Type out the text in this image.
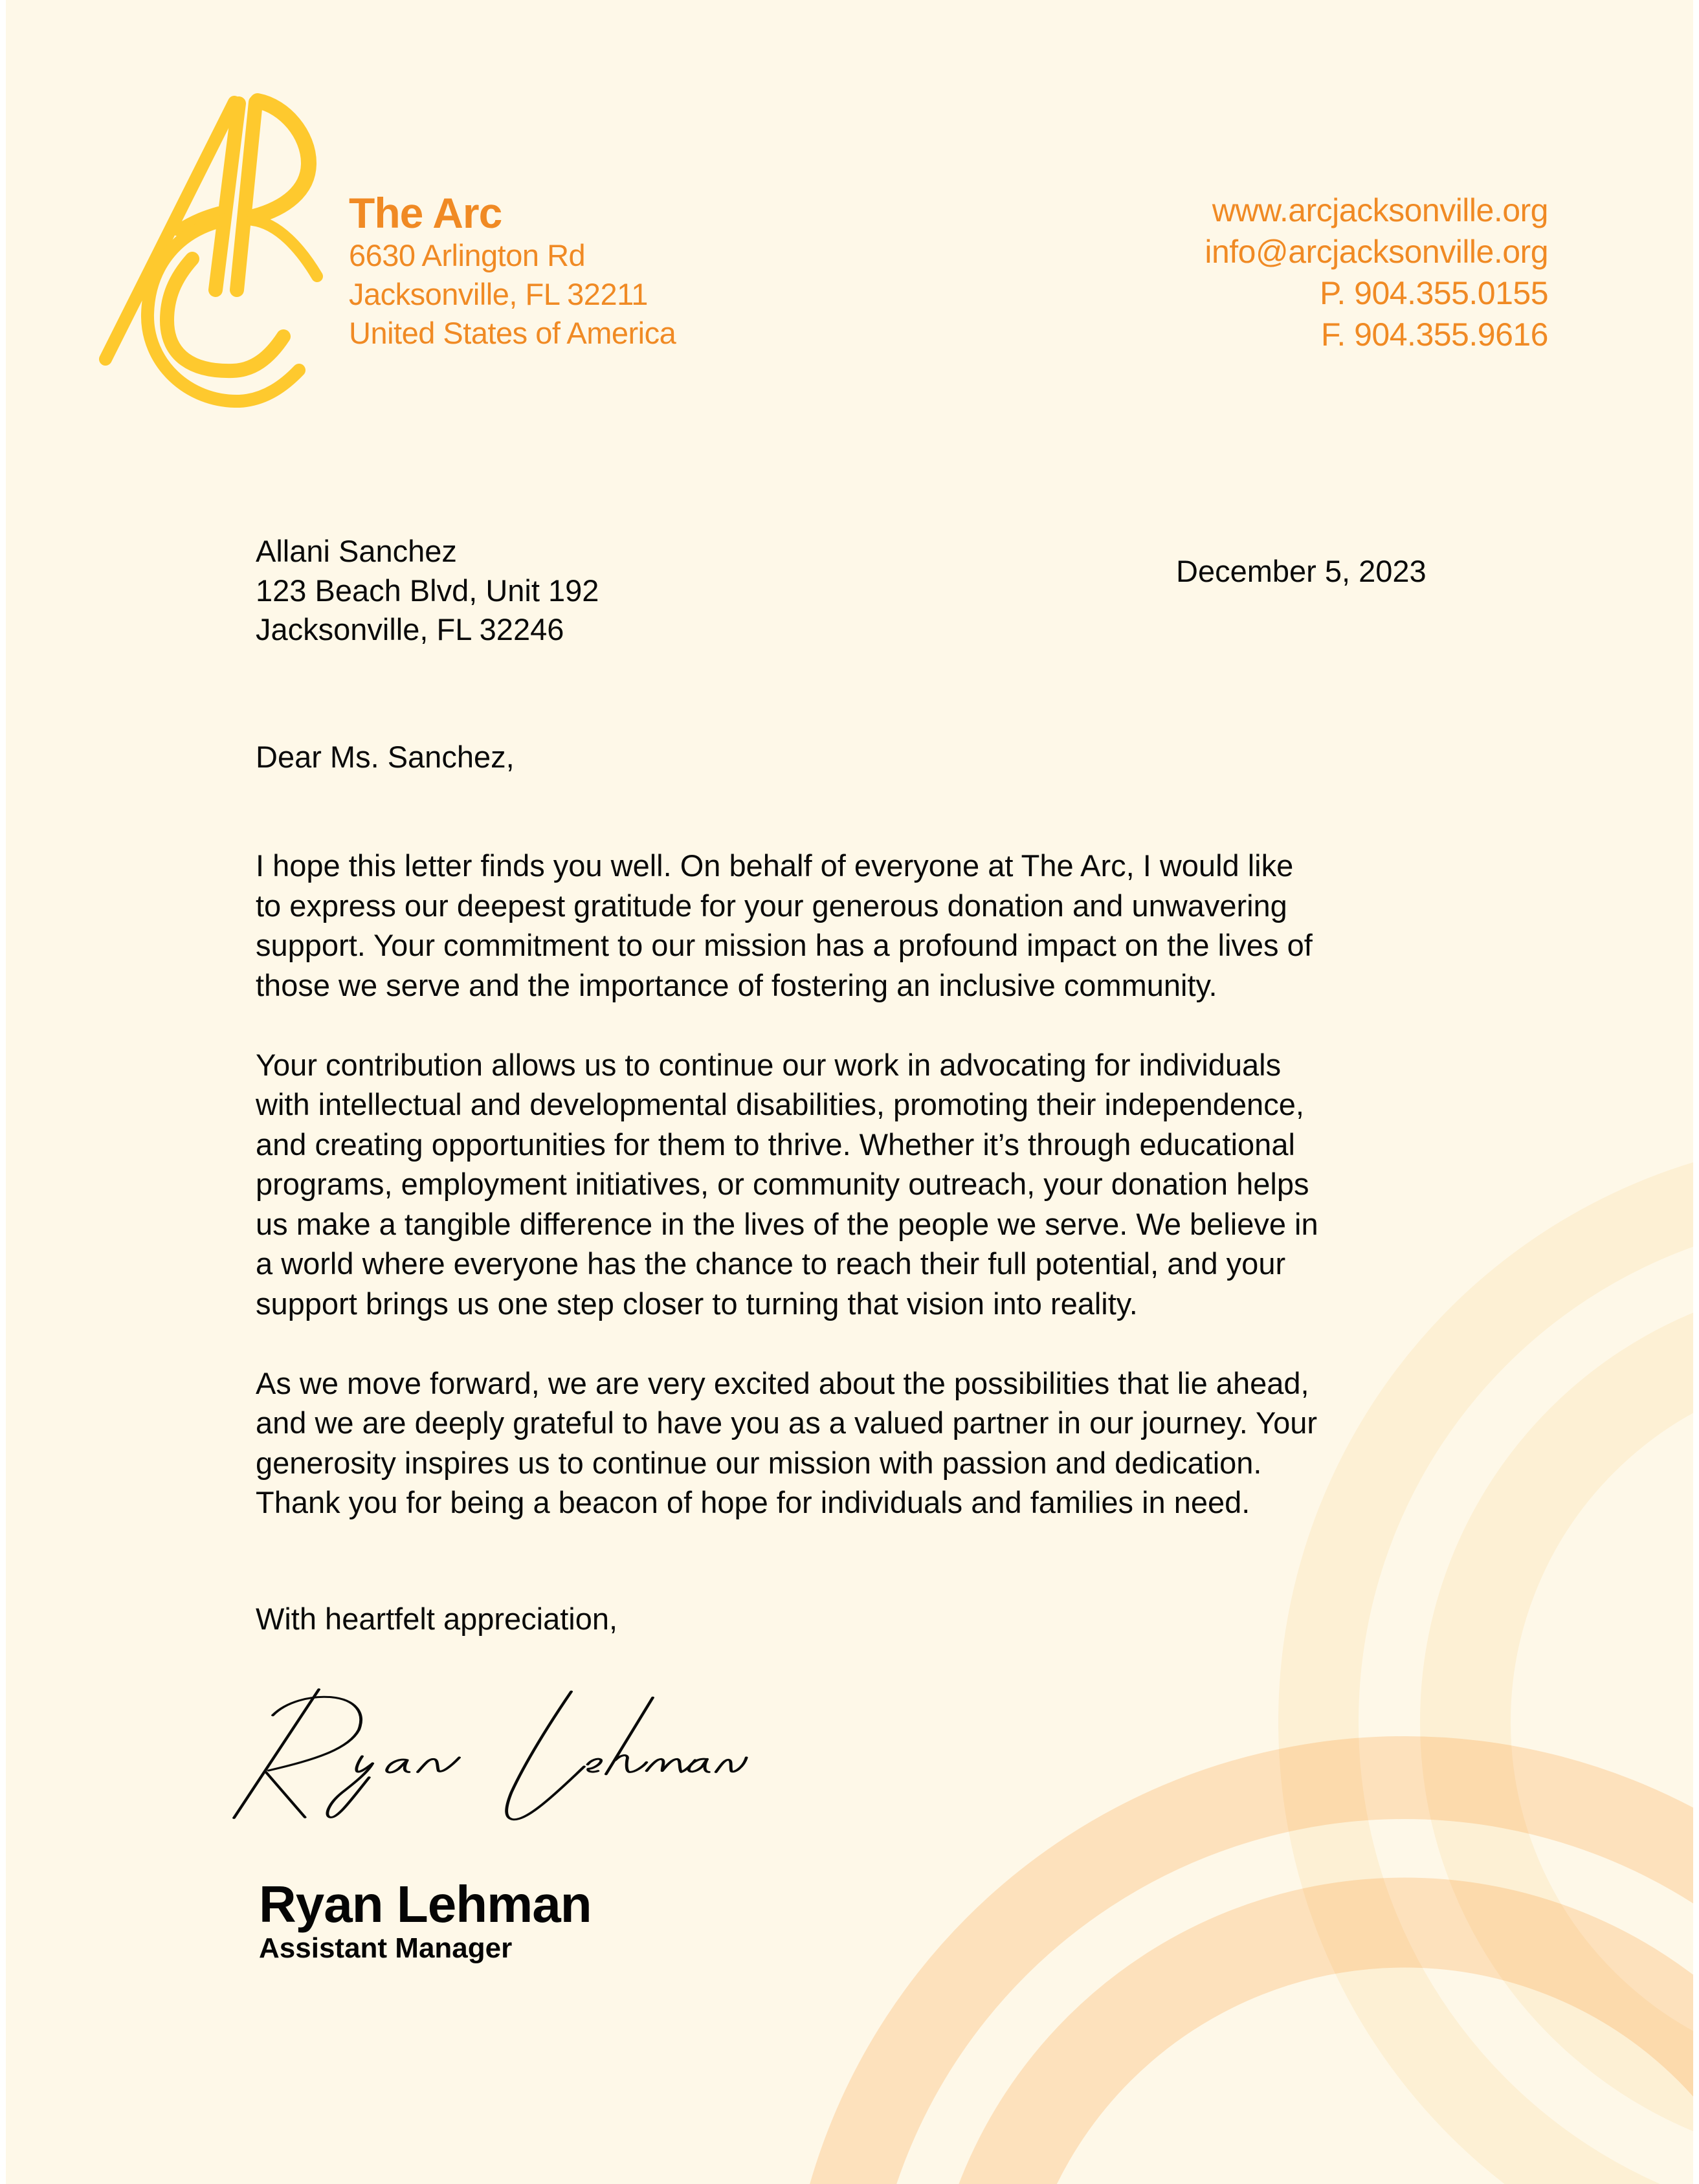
The Arc
6630 Arlington Rd
Jacksonville, FL 32211
United States of America
www.arcjacksonville.org
info@arcjacksonville.org
P. 904.355.0155
F. 904.355.9616
Allani Sanchez
123 Beach Blvd, Unit 192
Jacksonville, FL 32246
December 5, 2023
Dear Ms. Sanchez,

I hope this letter finds you well. On behalf of everyone at The Arc, I would like
to express our deepest gratitude for your generous donation and unwavering
support. Your commitment to our mission has a profound impact on the lives of
those we serve and the importance of fostering an inclusive community.

Your contribution allows us to continue our work in advocating for individuals
with intellectual and developmental disabilities, promoting their independence,
and creating opportunities for them to thrive. Whether it’s through educational
programs, employment initiatives, or community outreach, your donation helps
us make a tangible difference in the lives of the people we serve. We believe in
a world where everyone has the chance to reach their full potential, and your
support brings us one step closer to turning that vision into reality.

As we move forward, we are very excited about the possibilities that lie ahead,
and we are deeply grateful to have you as a valued partner in our journey. Your
generosity inspires us to continue our mission with passion and dedication.
Thank you for being a beacon of hope for individuals and families in need.

With heartfelt appreciation,
Ryan Lehman
Assistant Manager
